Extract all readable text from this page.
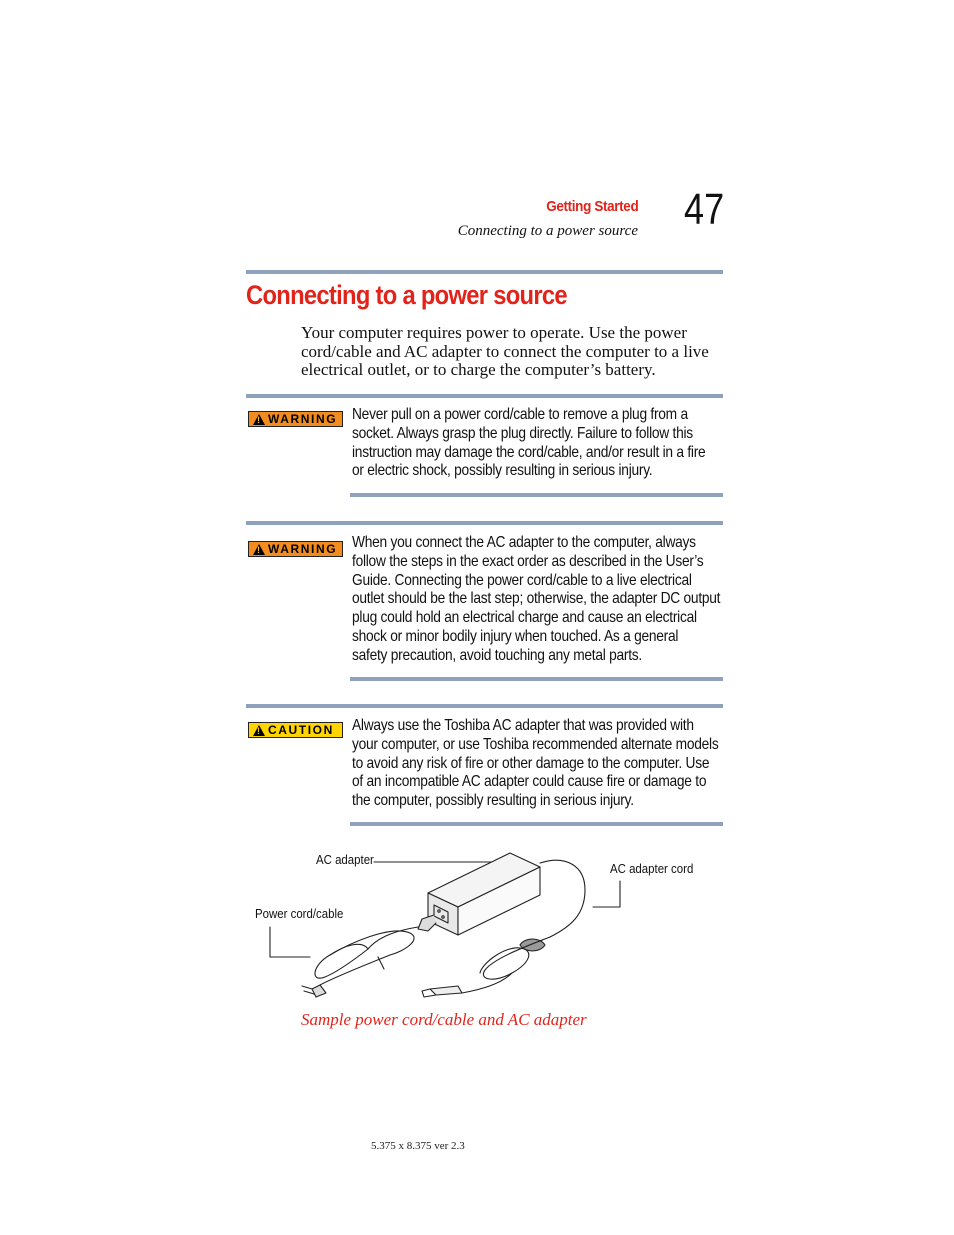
Getting Started
Connecting to a power source 47
Connecting to a power source
Your computer requires power to operate. Use the power
cord/cable and AC adapter to connect the computer to a live
electrical outlet, or to charge the computer’s battery.
!
WARNING Never pull on a power cord/cable to remove a plug from a
socket. Always grasp the plug directly. Failure to follow this
instruction may damage the cord/cable, and/or result in a fire
or electric shock, possibly resulting in serious injury.
!
WARNING When you connect the AC adapter to the computer, always
follow the steps in the exact order as described in the User’s
Guide. Connecting the power cord/cable to a live electrical
outlet should be the last step; otherwise, the adapter DC output
plug could hold an electrical charge and cause an electrical
shock or minor bodily injury when touched. As a general
safety precaution, avoid touching any metal parts.
!
CAUTION Always use the Toshiba AC adapter that was provided with
your computer, or use Toshiba recommended alternate models
to avoid any risk of fire or other damage to the computer. Use
of an incompatible AC adapter could cause fire or damage to
the computer, possibly resulting in serious injury.
AC adapter
AC adapter cord
Power cord/cable
Sample power cord/cable and AC adapter
5.375 x 8.375 ver 2.3
